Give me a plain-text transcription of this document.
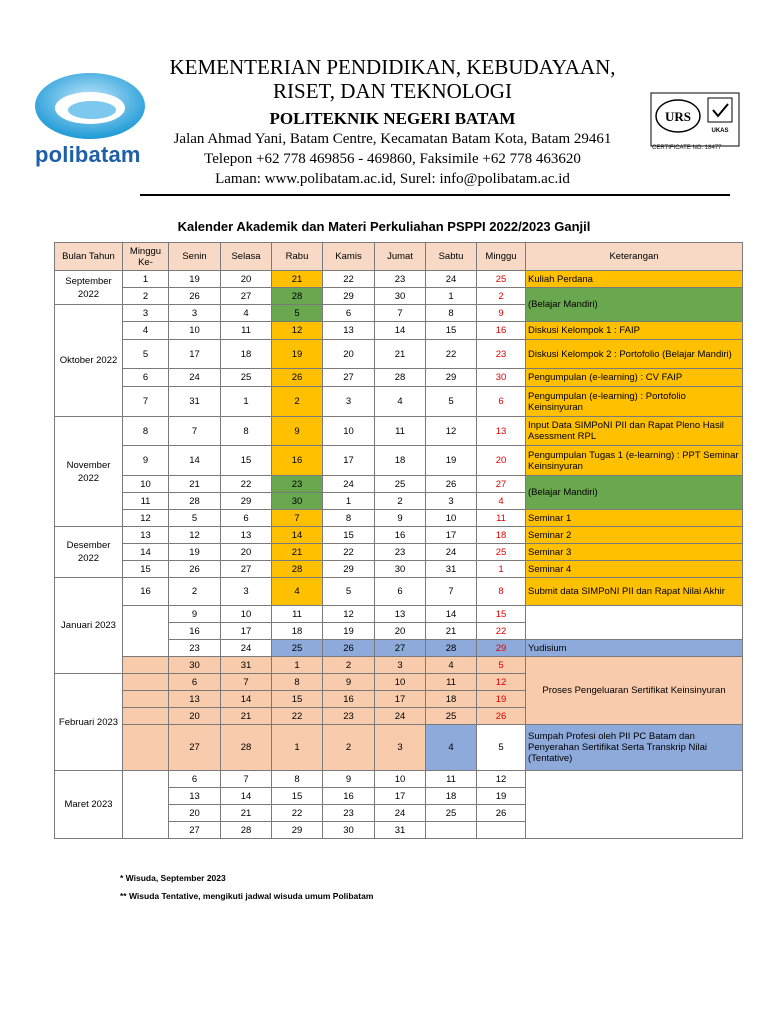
polibatam
KEMENTERIAN PENDIDIKAN, KEBUDAYAAN,
RISET, DAN TEKNOLOGI
POLITEKNIK NEGERI BATAM
Jalan Ahmad Yani, Batam Centre, Kecamatan Batam Kota, Batam 29461
Telepon +62 778 469856 - 469860, Faksimile +62 778 463620
Laman: www.polibatam.ac.id, Surel: info@polibatam.ac.id
URS
UKAS
CERTIFICATE NO. 18477
Kalender Akademik dan Materi Perkuliahan PSPPI 2022/2023 Ganjil
Bulan Tahun	Minggu Ke-	Senin	Selasa	Rabu	Kamis	Jumat	Sabtu	Minggu	Keterangan
September 2022	1	19	20	21	22	23	24	25	Kuliah Perdana
	2	26	27	28	29	30	1	2	(Belajar Mandiri)
Oktober 2022	3	3	4	5	6	7	8	9	
	4	10	11	12	13	14	15	16	Diskusi Kelompok 1 : FAIP
	5	17	18	19	20	21	22	23	Diskusi Kelompok 2 : Portofolio (Belajar Mandiri)
	6	24	25	26	27	28	29	30	Pengumpulan (e-learning) : CV FAIP
	7	31	1	2	3	4	5	6	Pengumpulan (e-learning) : Portofolio Keinsinyuran
November 2022	8	7	8	9	10	11	12	13	Input Data SIMPoNI PII dan Rapat Pleno Hasil Asessment RPL
	9	14	15	16	17	18	19	20	Pengumpulan Tugas 1 (e-learning) : PPT Seminar Keinsinyuran
	10	21	22	23	24	25	26	27	(Belajar Mandiri)
	11	28	29	30	1	2	3	4	
	12	5	6	7	8	9	10	11	Seminar 1
Desember 2022	13	12	13	14	15	16	17	18	Seminar 2
	14	19	20	21	22	23	24	25	Seminar 3
	15	26	27	28	29	30	31	1	Seminar 4
Januari 2023	16	2	3	4	5	6	7	8	Submit data SIMPoNI PII dan Rapat Nilai Akhir
		9	10	11	12	13	14	15	
		16	17	18	19	20	21	22	
		23	24	25	26	27	28	29	Yudisium
		30	31	1	2	3	4	5	Proses Pengeluaran Sertifikat Keinsinyuran
Februari 2023		6	7	8	9	10	11	12	
		13	14	15	16	17	18	19	
		20	21	22	23	24	25	26	
		27	28	1	2	3	4	5	Sumpah Profesi oleh PII PC Batam dan Penyerahan Sertifikat Serta Transkrip Nilai (Tentative)
Maret 2023		6	7	8	9	10	11	12	
		13	14	15	16	17	18	19	
		20	21	22	23	24	25	26	
		27	28	29	30	31			
* Wisuda, September 2023
** Wisuda Tentative, mengikuti jadwal wisuda umum Polibatam
